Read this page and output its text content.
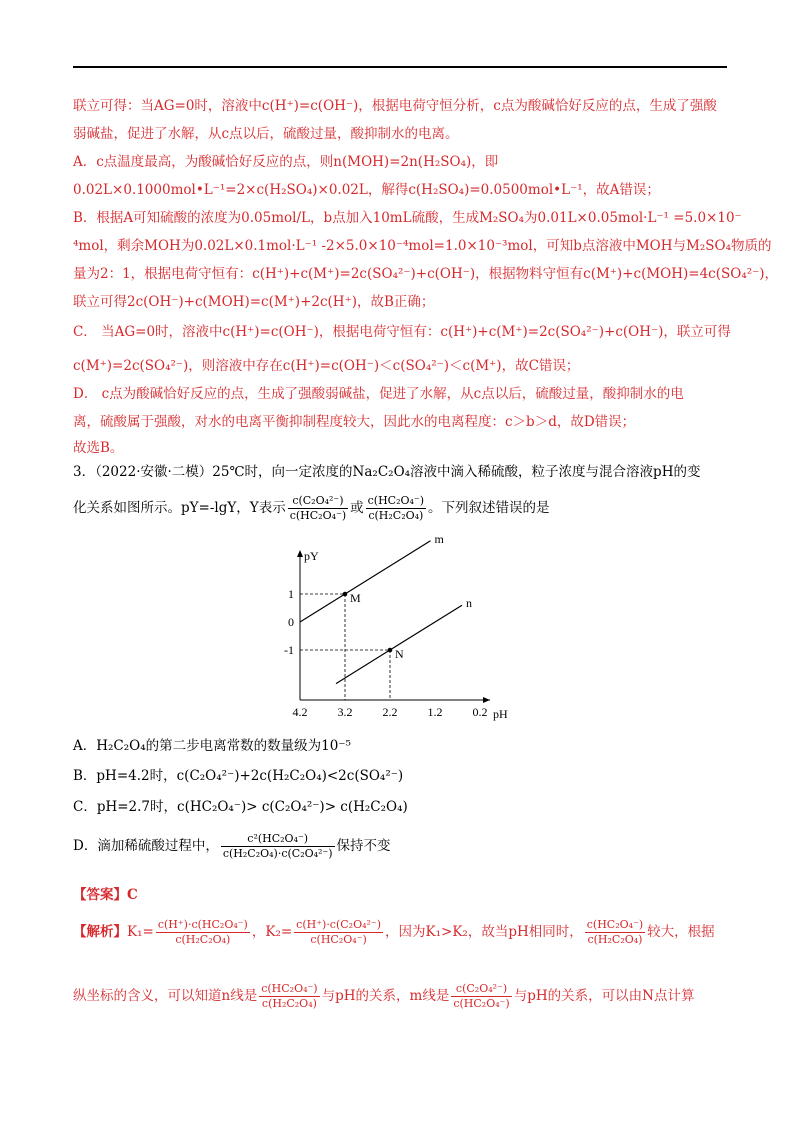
联立可得：当AG=0时，溶液中c(H⁺)=c(OH⁻)，根据电荷守恒分析，c点为酸碱恰好反应的点，生成了强酸
弱碱盐，促进了水解，从c点以后，硫酸过量，酸抑制水的电离。
A．c点温度最高，为酸碱恰好反应的点，则n(MOH)=2n(H₂SO₄)，即
0.02L×0.1000mol•L⁻¹=2×c(H₂SO₄)×0.02L，解得c(H₂SO₄)=0.0500mol•L⁻¹，故A错误；
B．根据A可知硫酸的浓度为0.05mol/L，b点加入10mL硫酸，生成M₂SO₄为0.01L×0.05mol·L⁻¹ =5.0×10⁻
⁴mol，剩余MOH为0.02L×0.1mol·L⁻¹ -2×5.0×10⁻⁴mol=1.0×10⁻³mol，可知b点溶液中MOH与M₂SO₄物质的
量为2：1，根据电荷守恒有：c(H⁺)+c(M⁺)=2c(SO₄²⁻)+c(OH⁻)，根据物料守恒有c(M⁺)+c(MOH)=4c(SO₄²⁻)，
联立可得2c(OH⁻)+c(MOH)=c(M⁺)+2c(H⁺)，故B正确；
C． 当AG=0时，溶液中c(H⁺)=c(OH⁻)，根据电荷守恒有：c(H⁺)+c(M⁺)=2c(SO₄²⁻)+c(OH⁻)，联立可得
c(M⁺)=2c(SO₄²⁻)，则溶液中存在c(H⁺)=c(OH⁻)＜c(SO₄²⁻)＜c(M⁺)，故C错误；
D． c点为酸碱恰好反应的点，生成了强酸弱碱盐，促进了水解，从c点以后，硫酸过量，酸抑制水的电
离，硫酸属于强酸，对水的电离平衡抑制程度较大，因此水的电离程度：c＞b＞d，故D错误；
故选B。
3．（2022·安徽·二模）25℃时，向一定浓度的Na₂C₂O₄溶液中滴入稀硫酸，粒子浓度与混合溶液pH的变
化关系如图所示。pY=-lgY，Y表示 $\frac{\text{c(C₂O₄²⁻)}}{\text{c(HC₂O₄⁻)}}$ 或 $\frac{\text{c(HC₂O₄⁻)}}{\text{c(H₂C₂O₄)}}$ 。下列叙述错误的是
pY
pH
4.2	3.2	2.2	1.2	0.2
1
0
-1
m
n
M
N
A．H₂C₂O₄的第二步电离常数的数量级为10⁻⁵
B．pH=4.2时，c(C₂O₄²⁻)+2c(H₂C₂O₄)<2c(SO₄²⁻)
C．pH=2.7时，c(HC₂O₄⁻)> c(C₂O₄²⁻)> c(H₂C₂O₄)
D．滴加稀硫酸过程中， $\frac{\text{c²(HC₂O₄⁻)}}{\text{c(H₂C₂O₄)·c(C₂O₄²⁻)}}$ 保持不变
【答案】C
【解析】$K_1= \frac{\text{c(H⁺)·c(HC₂O₄⁻)}}{\text{c(H₂C₂O₄)}}$ ，$K_2= \frac{\text{c(H⁺)·c(C₂O₄²⁻)}}{\text{c(HC₂O₄⁻)}}$ ，因为K₁>K₂，故当pH相同时， $\frac{\text{c(HC₂O₄⁻)}}{\text{c(H₂C₂O₄)}}$ 较大，根据
纵坐标的含义，可以知道n线是 $\frac{\text{c(HC₂O₄⁻)}}{\text{c(H₂C₂O₄)}}$ 与pH的关系，m线是 $\frac{\text{c(C₂O₄²⁻)}}{\text{c(HC₂O₄⁻)}}$ 与pH的关系，可以由N点计算
